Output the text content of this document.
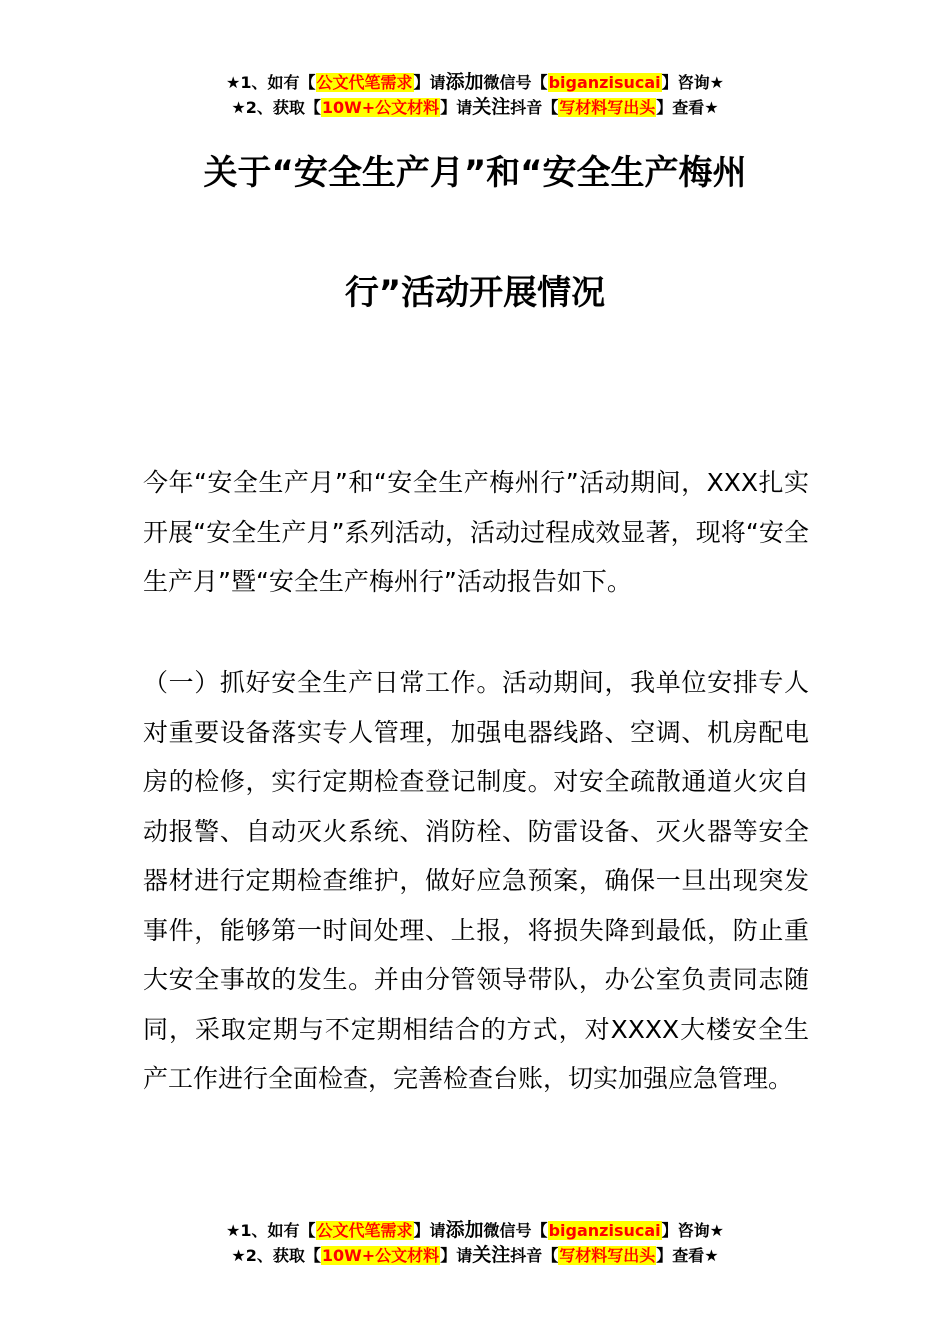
★1、如有【公文代笔需求】请添加微信号【biganzisucai】咨询★
★2、获取【10W+公文材料】请关注抖音【写材料写出头】查看★
关于“安全生产月”和“安全生产梅州
行”活动开展情况
今年“安全生产月”和“安全生产梅州行”活动期间，XXX扎实开展“安全生产月”系列活动，活动过程成效显著，现将“安全生产月”暨“安全生产梅州行”活动报告如下。
（一）抓好安全生产日常工作。活动期间，我单位安排专人对重要设备落实专人管理，加强电器线路、空调、机房配电房的检修，实行定期检查登记制度。对安全疏散通道火灾自动报警、自动灭火系统、消防栓、防雷设备、灭火器等安全器材进行定期检查维护，做好应急预案，确保一旦出现突发事件，能够第一时间处理、上报，将损失降到最低，防止重大安全事故的发生。并由分管领导带队，办公室负责同志随同，采取定期与不定期相结合的方式，对XXXX大楼安全生产工作进行全面检查，完善检查台账，切实加强应急管理。
★1、如有【公文代笔需求】请添加微信号【biganzisucai】咨询★
★2、获取【10W+公文材料】请关注抖音【写材料写出头】查看★
